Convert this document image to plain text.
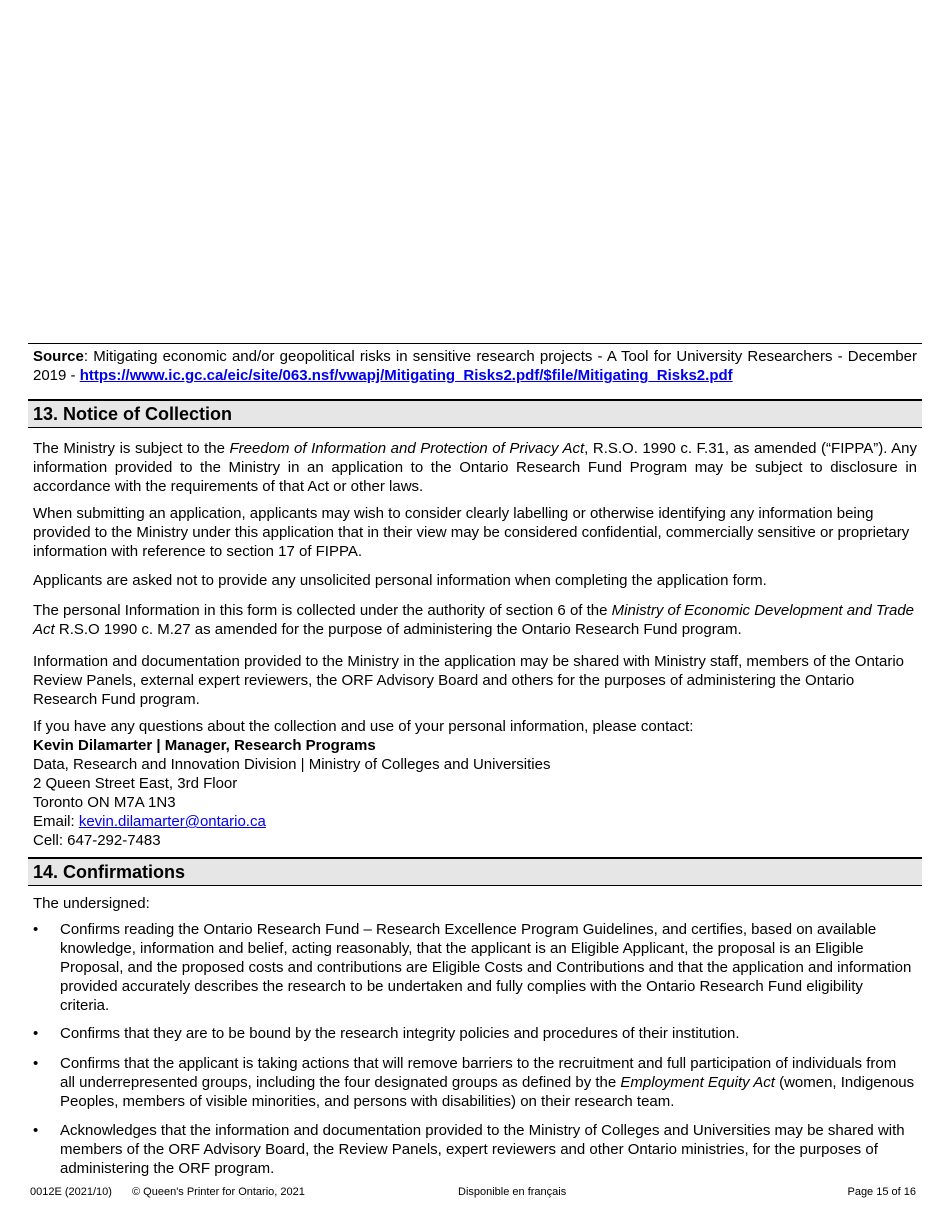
Source: Mitigating economic and/or geopolitical risks in sensitive research projects - A Tool for University Researchers - December 2019 - https://www.ic.gc.ca/eic/site/063.nsf/vwapj/Mitigating_Risks2.pdf/$file/Mitigating_Risks2.pdf
13. Notice of Collection

The Ministry is subject to the Freedom of Information and Protection of Privacy Act, R.S.O. 1990 c. F.31, as amended (“FIPPA”). Any information provided to the Ministry in an application to the Ontario Research Fund Program may be subject to disclosure in accordance with the requirements of that Act or other laws.

When submitting an application, applicants may wish to consider clearly labelling or otherwise identifying any information being provided to the Ministry under this application that in their view may be considered confidential, commercially sensitive or proprietary information with reference to section 17 of FIPPA.

Applicants are asked not to provide any unsolicited personal information when completing the application form.

The personal Information in this form is collected under the authority of section 6 of the Ministry of Economic Development and Trade Act R.S.O 1990 c. M.27 as amended for the purpose of administering the Ontario Research Fund program.

Information and documentation provided to the Ministry in the application may be shared with Ministry staff, members of the Ontario Review Panels, external expert reviewers, the ORF Advisory Board and others for the purposes of administering the Ontario Research Fund program.

If you have any questions about the collection and use of your personal information, please contact:

Kevin Dilamarter | Manager, Research Programs

Data, Research and Innovation Division | Ministry of Colleges and Universities

2 Queen Street East, 3rd Floor

Toronto ON M7A 1N3

Email: kevin.dilamarter@ontario.ca

Cell: 647-292-7483

14. Confirmations

The undersigned:

•	Confirms reading the Ontario Research Fund – Research Excellence Program Guidelines, and certifies, based on available knowledge, information and belief, acting reasonably, that the applicant is an Eligible Applicant, the proposal is an Eligible Proposal, and the proposed costs and contributions are Eligible Costs and Contributions and that the application and information provided accurately describes the research to be undertaken and fully complies with the Ontario Research Fund eligibility criteria.
•	Confirms that they are to be bound by the research integrity policies and procedures of their institution.
•	Confirms that the applicant is taking actions that will remove barriers to the recruitment and full participation of individuals from all underrepresented groups, including the four designated groups as defined by the Employment Equity Act (women, Indigenous Peoples, members of visible minorities, and persons with disabilities) on their research team.
•	Acknowledges that the information and documentation provided to the Ministry of Colleges and Universities may be shared with members of the ORF Advisory Board, the Review Panels, expert reviewers and other Ontario ministries, for the purposes of administering the ORF program.
0012E (2021/10) © Queen's Printer for Ontario, 2021	Disponible en français	Page 15 of 16
